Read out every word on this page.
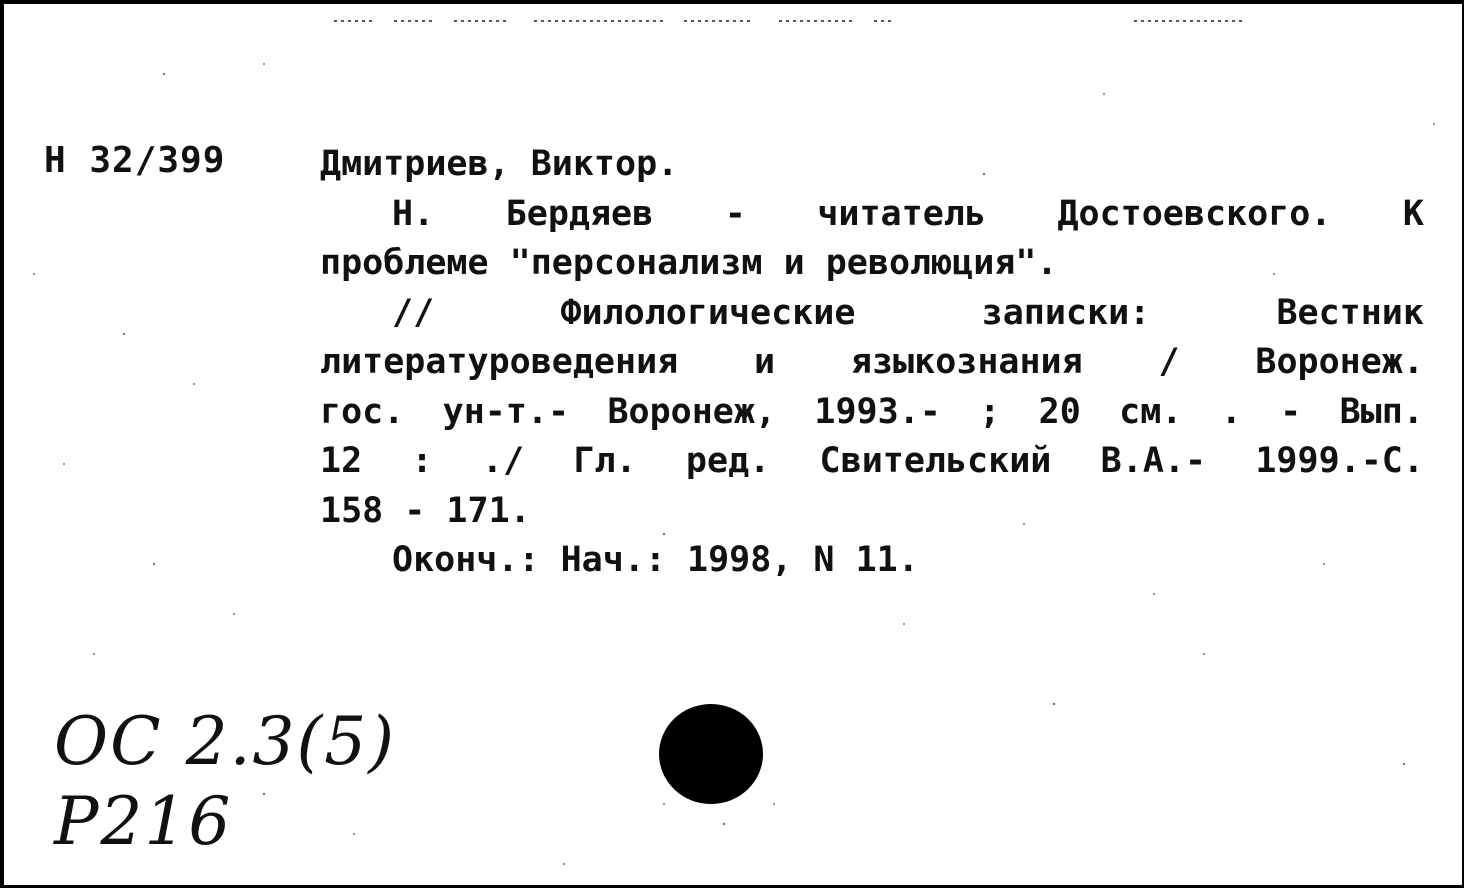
Н 32/399	Дмитриев, Виктор.
Н. Бердяев - читатель Достоевского. К
проблеме "персонализм и революция".
//	Филологические	записки:	Вестник
литературоведения и языкознания / Воронеж.
гос. ун-т.- Воронеж, 1993.- ; 20 см. . - Вып.
12 : ./ Гл. ред. Свительский В.А.- 1999.-С.
158 - 171.
Оконч.: Нач.: 1998, N 11.
OC 2.3(5)
P216
